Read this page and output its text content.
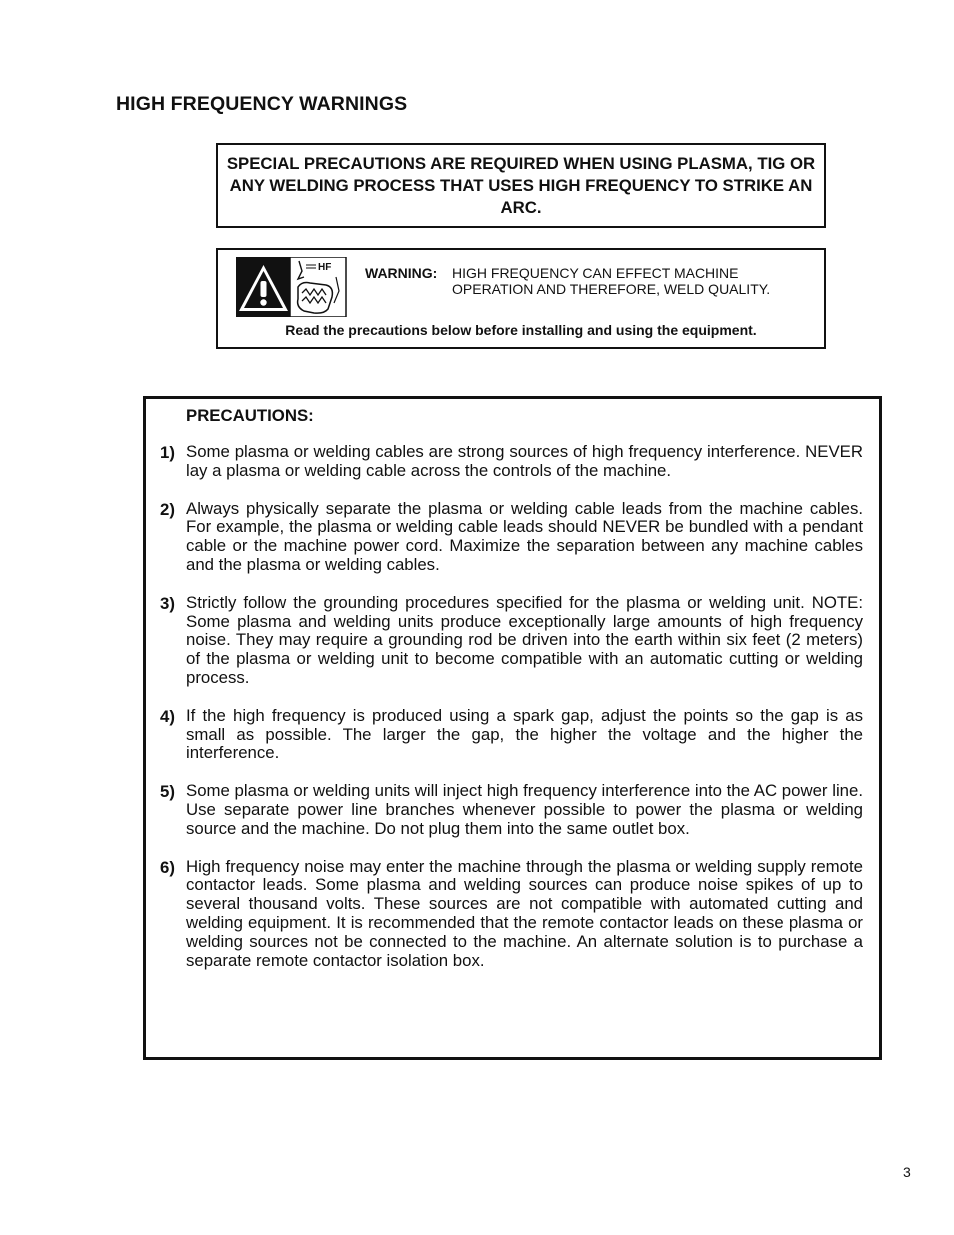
HIGH FREQUENCY WARNINGS

SPECIAL PRECAUTIONS ARE REQUIRED WHEN USING PLASMA, TIG OR ANY WELDING PROCESS THAT USES HIGH FREQUENCY TO STRIKE AN ARC.

HF WARNING: HIGH FREQUENCY CAN EFFECT MACHINE
OPERATION AND THEREFORE, WELD QUALITY.
Read the precautions below before installing and using the equipment.
PRECAUTIONS:
1) Some plasma or welding cables are strong sources of high frequency interference. NEVER lay a plasma or welding cable across the controls of the machine.
2) Always physically separate the plasma or welding cable leads from the machine cables. For example, the plasma or welding cable leads should NEVER be bundled with a pendant cable or the machine power cord. Maximize the separation between any machine cables and the plasma or welding cables.
3) Strictly follow the grounding procedures specified for the plasma or welding unit. NOTE: Some plasma and welding units produce exceptionally large amounts of high frequency noise. They may require a grounding rod be driven into the earth within six feet (2 meters) of the plasma or welding unit to become compatible with an automatic cutting or welding process.
4) If the high frequency is produced using a spark gap, adjust the points so the gap is as small as possible. The larger the gap, the higher the voltage and the higher the interference.
5) Some plasma or welding units will inject high frequency interference into the AC power line. Use separate power line branches whenever possible to power the plasma or welding source and the machine. Do not plug them into the same outlet box.
6) High frequency noise may enter the machine through the plasma or welding supply remote contactor leads. Some plasma and welding sources can produce noise spikes of up to several thousand volts. These sources are not compatible with automated cutting and welding equipment. It is recommended that the remote contactor leads on these plasma or welding sources not be connected to the machine. An alternate solution is to purchase a separate remote contactor isolation box.
3
